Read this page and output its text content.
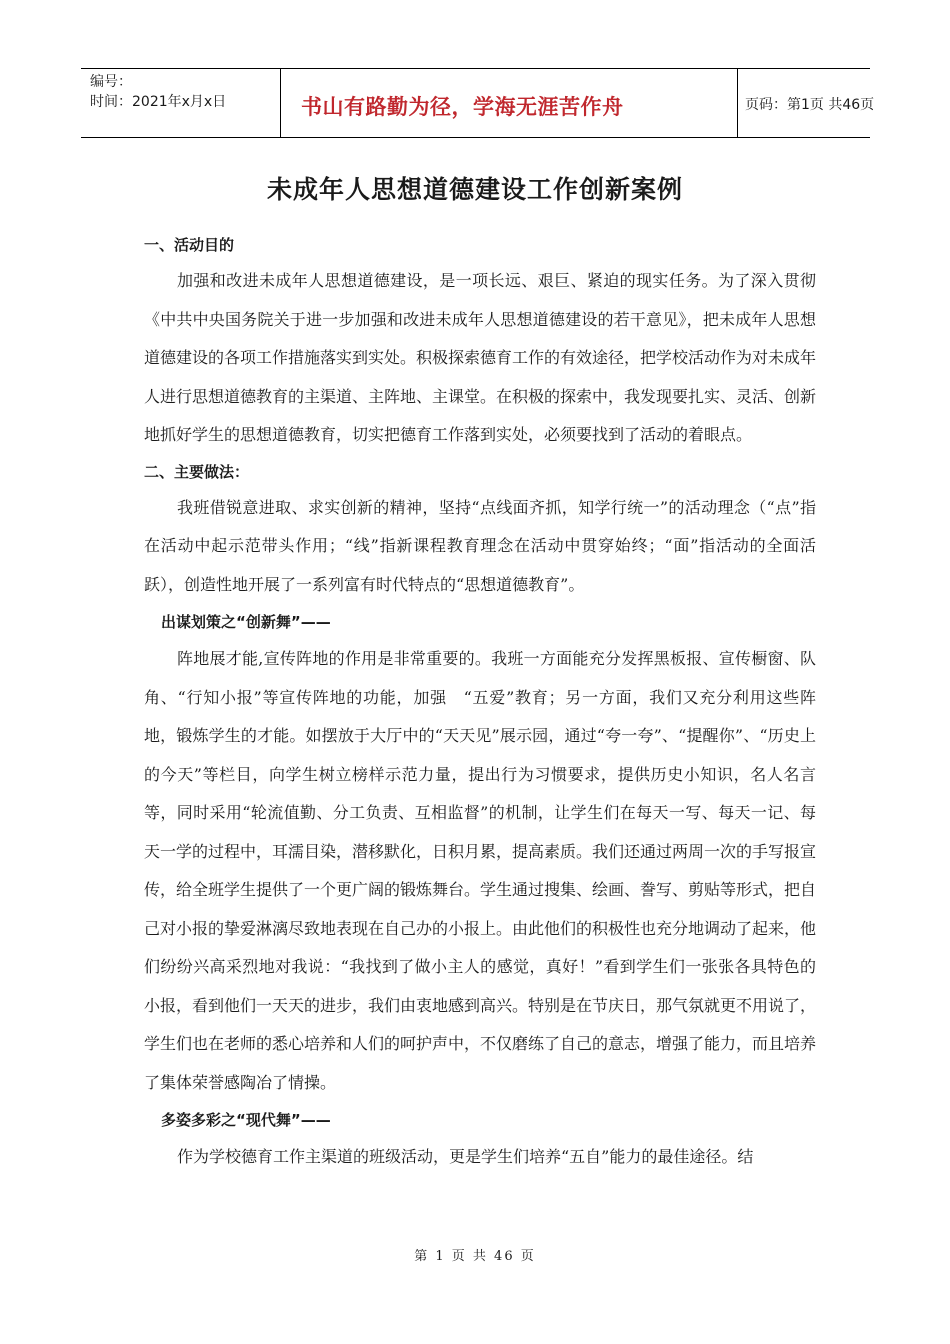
编号：
时间：2021年x月x日	书山有路勤为径，学海无涯苦作舟	页码：第1页 共46页
未成年人思想道德建设工作创新案例

一、活动目的

加强和改进未成年人思想道德建设，是一项长远、艰巨、紧迫的现实任务。为了深入贯彻《中共中央国务院关于进一步加强和改进未成年人思想道德建设的若干意见》，把未成年人思想道德建设的各项工作措施落实到实处。积极探索德育工作的有效途径，把学校活动作为对未成年人进行思想道德教育的主渠道、主阵地、主课堂。在积极的探索中，我发现要扎实、灵活、创新地抓好学生的思想道德教育，切实把德育工作落到实处，必须要找到了活动的着眼点。

二、主要做法：

我班借锐意进取、求实创新的精神，坚持“点线面齐抓，知学行统一”的活动理念（“点”指在活动中起示范带头作用；“线”指新课程教育理念在活动中贯穿始终；“面”指活动的全面活跃），创造性地开展了一系列富有时代特点的“思想道德教育”。

出谋划策之“创新舞”——

阵地展才能,宣传阵地的作用是非常重要的。我班一方面能充分发挥黑板报、宣传橱窗、队角、“行知小报”等宣传阵地的功能，加强　“五爱”教育；另一方面，我们又充分利用这些阵地，锻炼学生的才能。如摆放于大厅中的“天天见”展示园，通过“夸一夸”、“提醒你”、“历史上的今天”等栏目，向学生树立榜样示范力量，提出行为习惯要求，提供历史小知识，名人名言等，同时采用“轮流值勤、分工负责、互相监督”的机制，让学生们在每天一写、每天一记、每天一学的过程中，耳濡目染，潜移默化，日积月累，提高素质。我们还通过两周一次的手写报宣传，给全班学生提供了一个更广阔的锻炼舞台。学生通过搜集、绘画、誊写、剪贴等形式，把自己对小报的挚爱淋漓尽致地表现在自己办的小报上。由此他们的积极性也充分地调动了起来，他们纷纷兴高采烈地对我说：“我找到了做小主人的感觉，真好！”看到学生们一张张各具特色的小报，看到他们一天天的进步，我们由衷地感到高兴。特别是在节庆日，那气氛就更不用说了，学生们也在老师的悉心培养和人们的呵护声中，不仅磨练了自己的意志，增强了能力，而且培养了集体荣誉感陶冶了情操。

多姿多彩之“现代舞”——

作为学校德育工作主渠道的班级活动，更是学生们培养“五自”能力的最佳途径。结

第 1 页 共 46 页
